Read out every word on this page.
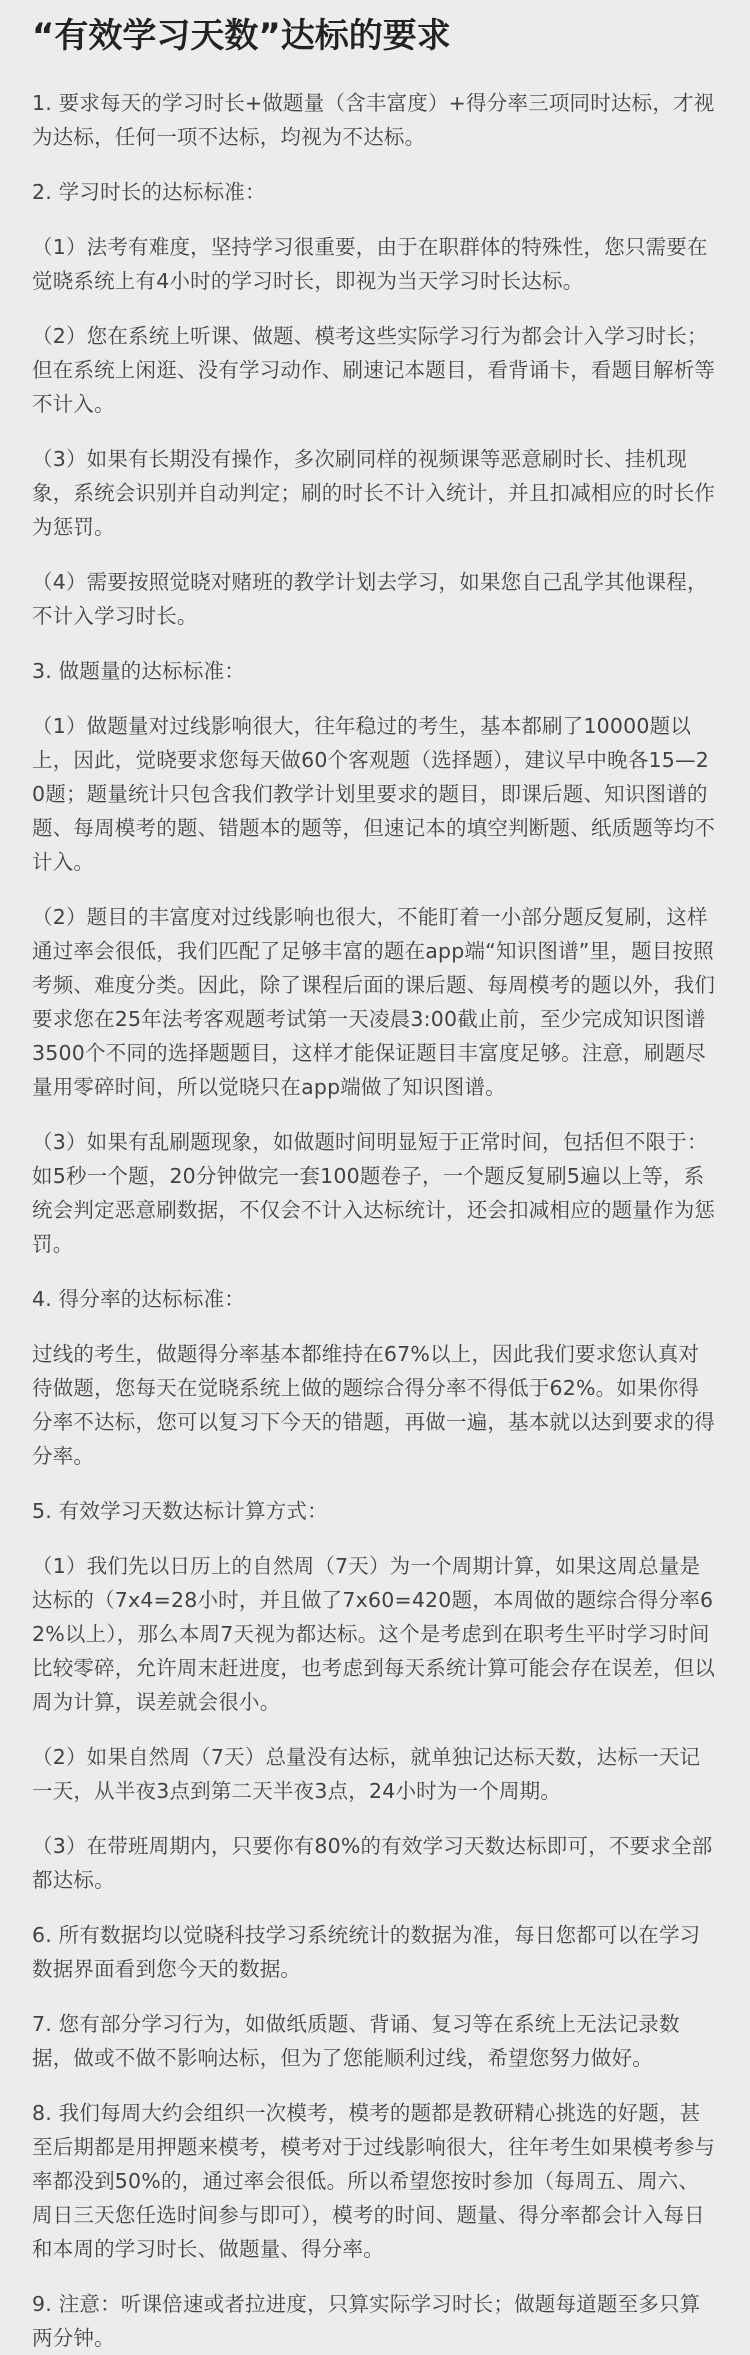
“有效学习天数”达标的要求

1. 要求每天的学习时长+做题量（含丰富度）+得分率三项同时达标，才视为达标，任何一项不达标，均视为不达标。

2. 学习时长的达标标准：

（1）法考有难度，坚持学习很重要，由于在职群体的特殊性，您只需要在觉晓系统上有4小时的学习时长，即视为当天学习时长达标。

（2）您在系统上听课、做题、模考这些实际学习行为都会计入学习时长；但在系统上闲逛、没有学习动作、刷速记本题目，看背诵卡，看题目解析等不计入。

（3）如果有长期没有操作，多次刷同样的视频课等恶意刷时长、挂机现象，系统会识别并自动判定；刷的时长不计入统计，并且扣减相应的时长作为惩罚。

（4）需要按照觉晓对赌班的教学计划去学习，如果您自己乱学其他课程，不计入学习时长。

3. 做题量的达标标准：

（1）做题量对过线影响很大，往年稳过的考生，基本都刷了10000题以上，因此，觉晓要求您每天做60个客观题（选择题），建议早中晚各15—20题；题量统计只包含我们教学计划里要求的题目，即课后题、知识图谱的题、每周模考的题、错题本的题等，但速记本的填空判断题、纸质题等均不计入。

（2）题目的丰富度对过线影响也很大，不能盯着一小部分题反复刷，这样通过率会很低，我们匹配了足够丰富的题在app端“知识图谱”里，题目按照考频、难度分类。因此，除了课程后面的课后题、每周模考的题以外，我们要求您在25年法考客观题考试第一天凌晨3:00截止前，至少完成知识图谱3500个不同的选择题题目，这样才能保证题目丰富度足够。注意，刷题尽量用零碎时间，所以觉晓只在app端做了知识图谱。

（3）如果有乱刷题现象，如做题时间明显短于正常时间，包括但不限于：如5秒一个题，20分钟做完一套100题卷子，一个题反复刷5遍以上等，系统会判定恶意刷数据，不仅会不计入达标统计，还会扣减相应的题量作为惩罚。

4. 得分率的达标标准：

过线的考生，做题得分率基本都维持在67%以上，因此我们要求您认真对待做题，您每天在觉晓系统上做的题综合得分率不得低于62%。如果你得分率不达标，您可以复习下今天的错题，再做一遍，基本就以达到要求的得分率。

5. 有效学习天数达标计算方式：

（1）我们先以日历上的自然周（7天）为一个周期计算，如果这周总量是达标的（7x4=28小时，并且做了7x60=420题，本周做的题综合得分率62%以上），那么本周7天视为都达标。这个是考虑到在职考生平时学习时间比较零碎，允许周末赶进度，也考虑到每天系统计算可能会存在误差，但以周为计算，误差就会很小。

（2）如果自然周（7天）总量没有达标，就单独记达标天数，达标一天记一天，从半夜3点到第二天半夜3点，24小时为一个周期。

（3）在带班周期内，只要你有80%的有效学习天数达标即可，不要求全部都达标。

6. 所有数据均以觉晓科技学习系统统计的数据为准，每日您都可以在学习数据界面看到您今天的数据。

7. 您有部分学习行为，如做纸质题、背诵、复习等在系统上无法记录数据，做或不做不影响达标，但为了您能顺利过线，希望您努力做好。

8. 我们每周大约会组织一次模考，模考的题都是教研精心挑选的好题，甚至后期都是用押题来模考，模考对于过线影响很大，往年考生如果模考参与率都没到50%的，通过率会很低。所以希望您按时参加（每周五、周六、周日三天您任选时间参与即可），模考的时间、题量、得分率都会计入每日和本周的学习时长、做题量、得分率。

9. 注意：听课倍速或者拉进度，只算实际学习时长；做题每道题至多只算两分钟。
